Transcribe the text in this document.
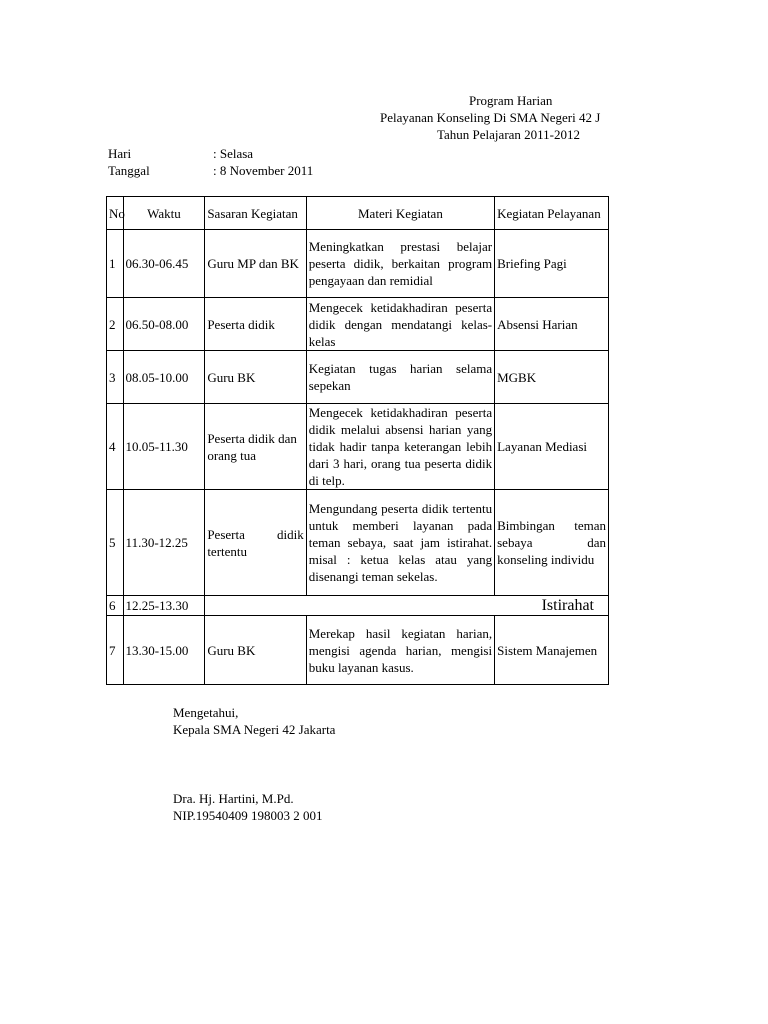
Program Harian
Pelayanan Konseling Di SMA Negeri 42 J
Tahun Pelajaran 2011-2012
Hari	: Selasa
Tanggal	: 8 November 2011
No	Waktu	Sasaran Kegiatan	Materi Kegiatan	Kegiatan Pelayanan
1	06.30-06.45	Guru MP dan BK	Meningkatkan prestasi belajar peserta didik, berkaitan program pengayaan dan remidial	Briefing Pagi
2	06.50-08.00	Peserta didik	Mengecek ketidakhadiran peserta didik dengan mendatangi kelas-kelas	Absensi Harian
3	08.05-10.00	Guru BK	Kegiatan tugas harian selama sepekan	MGBK
4	10.05-11.30	Peserta didik dan orang tua	Mengecek ketidakhadiran peserta didik melalui absensi harian yang tidak hadir tanpa keterangan lebih dari 3 hari, orang tua peserta didik di telp.	Layanan Mediasi
5	11.30-12.25	Peserta didik tertentu	Mengundang peserta didik tertentu untuk memberi layanan pada teman sebaya, saat jam istirahat. misal : ketua kelas atau yang disenangi teman sekelas.	Bimbingan teman sebaya dan konseling individu
6	12.25-13.30	Istirahat		
7	13.30-15.00	Guru BK	Merekap hasil kegiatan harian, mengisi agenda harian, mengisi buku layanan kasus.	Sistem Manajemen
Mengetahui,
Kepala SMA Negeri 42 Jakarta
Dra. Hj. Hartini, M.Pd.
NIP.19540409 198003 2 001
